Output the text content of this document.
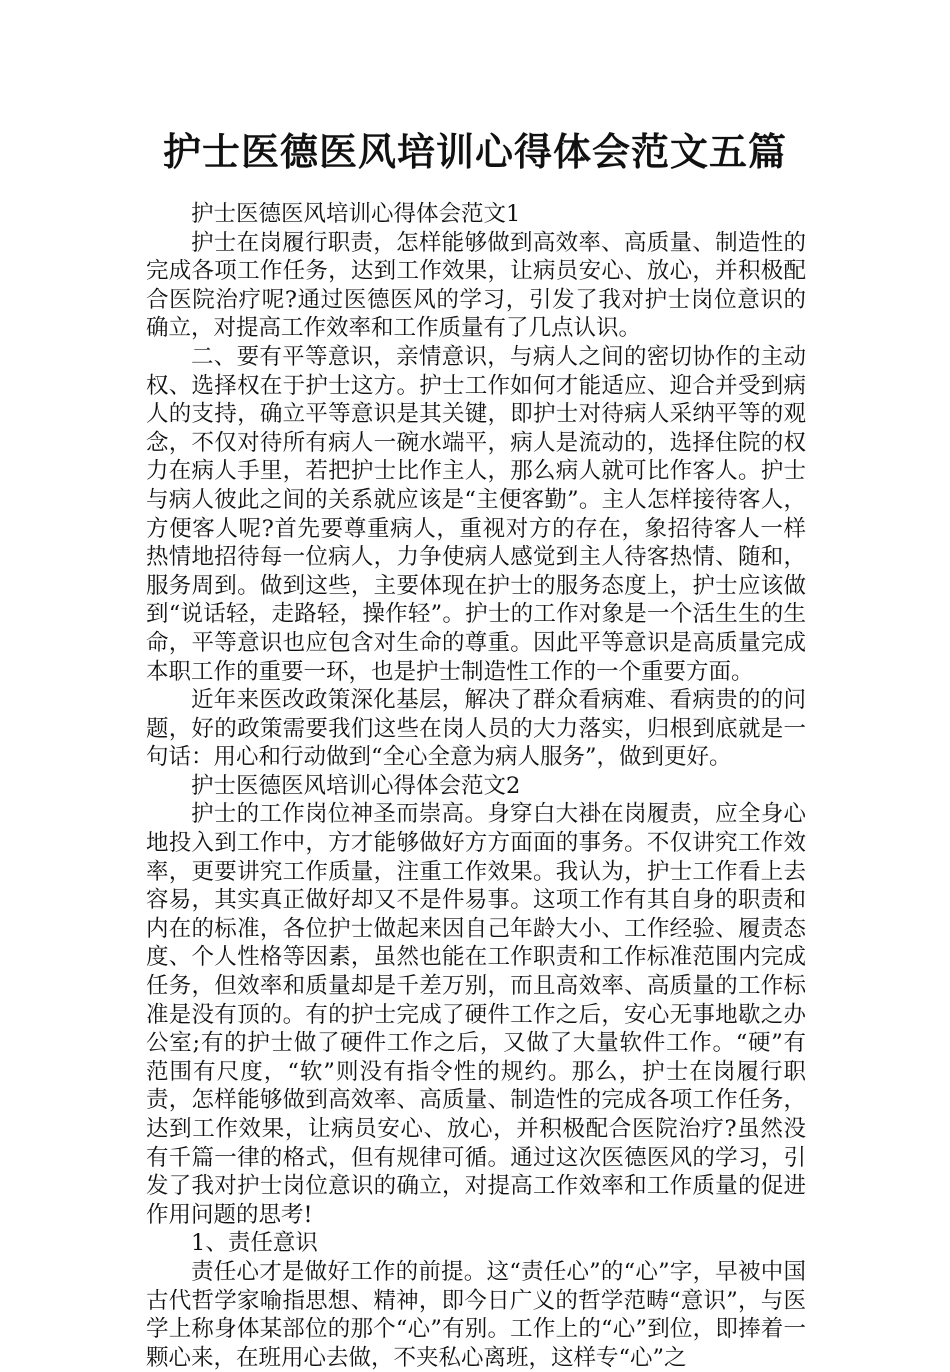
护士医德医风培训心得体会范文五篇

护士医德医风培训心得体会范文1

护士在岗履行职责，怎样能够做到高效率、高质量、制造性的完成各项工作任务，达到工作效果，让病员安心、放心，并积极配合医院治疗呢?通过医德医风的学习，引发了我对护士岗位意识的确立，对提高工作效率和工作质量有了几点认识。

二、要有平等意识，亲情意识，与病人之间的密切协作的主动权、选择权在于护士这方。护士工作如何才能适应、迎合并受到病人的支持，确立平等意识是其关键，即护士对待病人采纳平等的观念，不仅对待所有病人一碗水端平，病人是流动的，选择住院的权力在病人手里，若把护士比作主人，那么病人就可比作客人。护士与病人彼此之间的关系就应该是“主便客勤”。主人怎样接待客人，方便客人呢?首先要尊重病人，重视对方的存在，象招待客人一样热情地招待每一位病人，力争使病人感觉到主人待客热情、随和，服务周到。做到这些，主要体现在护士的服务态度上，护士应该做到“说话轻，走路轻，操作轻”。护士的工作对象是一个活生生的生命，平等意识也应包含对生命的尊重。因此平等意识是高质量完成本职工作的重要一环，也是护士制造性工作的一个重要方面。

近年来医改政策深化基层，解决了群众看病难、看病贵的的问题，好的政策需要我们这些在岗人员的大力落实，归根到底就是一句话：用心和行动做到“全心全意为病人服务”，做到更好。

护士医德医风培训心得体会范文2

护士的工作岗位神圣而崇高。身穿白大褂在岗履责，应全身心地投入到工作中，方才能够做好方方面面的事务。不仅讲究工作效率，更要讲究工作质量，注重工作效果。我认为，护士工作看上去容易，其实真正做好却又不是件易事。这项工作有其自身的职责和内在的标准，各位护士做起来因自己年龄大小、工作经验、履责态度、个人性格等因素，虽然也能在工作职责和工作标准范围内完成任务，但效率和质量却是千差万别，而且高效率、高质量的工作标准是没有顶的。有的护士完成了硬件工作之后，安心无事地歇之办公室;有的护士做了硬件工作之后，又做了大量软件工作。“硬”有范围有尺度，“软”则没有指令性的规约。那么，护士在岗履行职责，怎样能够做到高效率、高质量、制造性的完成各项工作任务，达到工作效果，让病员安心、放心，并积极配合医院治疗?虽然没有千篇一律的格式，但有规律可循。通过这次医德医风的学习，引发了我对护士岗位意识的确立，对提高工作效率和工作质量的促进作用问题的思考!

1、责任意识

责任心才是做好工作的前提。这“责任心”的“心”字，早被中国古代哲学家喻指思想、精神，即今日广义的哲学范畴“意识”，与医学上称身体某部位的那个“心”有别。工作上的“心”到位，即捧着一颗心来，在班用心去做，不夹私心离班，这样专“心”之
